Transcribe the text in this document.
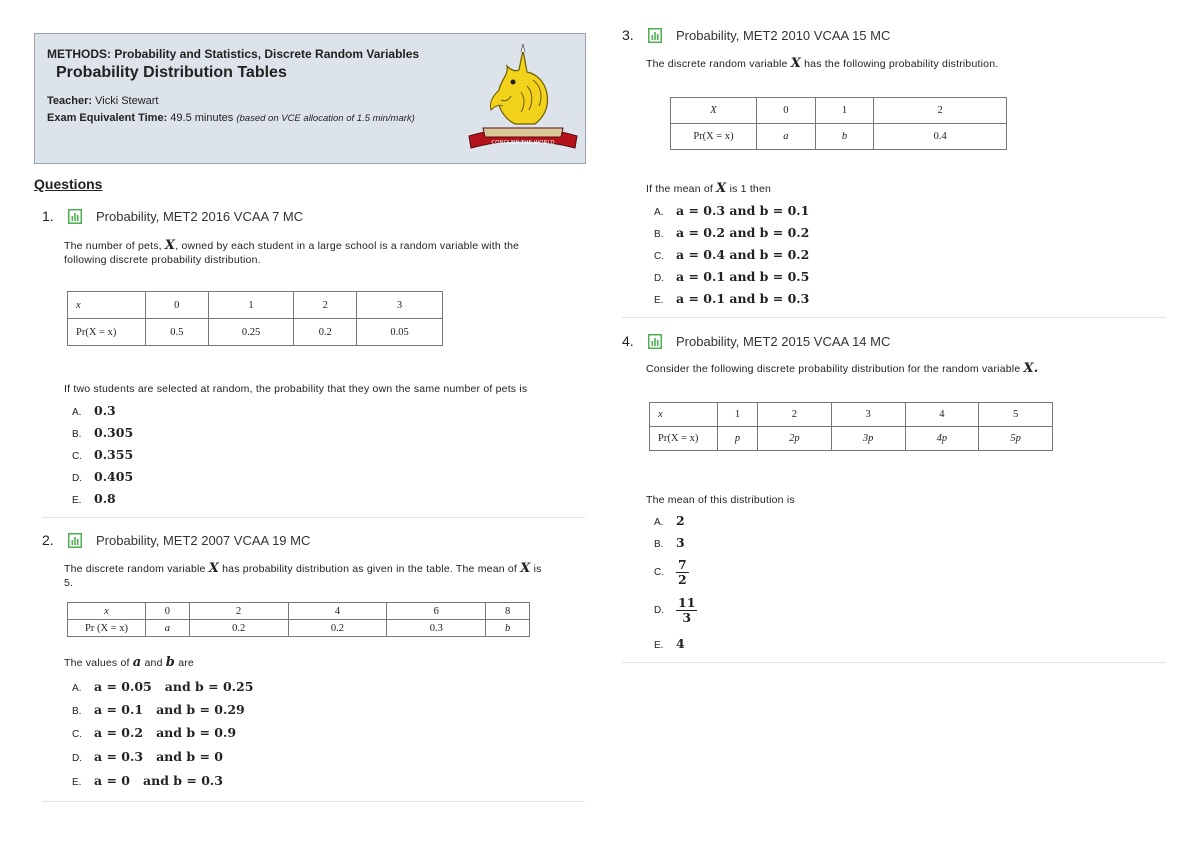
METHODS: Probability and Statistics, Discrete Random Variables
Probability Distribution Tables
Teacher: Vicki Stewart
Exam Equivalent Time: 49.5 minutes (based on VCE allocation of 1.5 min/mark)
CONQUER THE WORLD
Questions
1.	Probability, MET2 2016 VCAA 7 MC
The number of pets, X, owned by each student in a large school is a random variable with the
following discrete probability distribution.
x	0	1	2	3
Pr(X = x)	0.5	0.25	0.2	0.05
If two students are selected at random, the probability that they own the same number of pets is
A. 0.3
B. 0.305
C. 0.355
D. 0.405
E. 0.8
2.	Probability, MET2 2007 VCAA 19 MC
The discrete random variable X has probability distribution as given in the table. The mean of X is
5.
x	0	2	4	6	8
Pr (X = x)	a	0.2	0.2	0.3	b
The values of a and b are
A. a = 0.05   and b = 0.25
B. a = 0.1   and b = 0.29
C. a = 0.2   and b = 0.9
D. a = 0.3   and b = 0
E. a = 0   and b = 0.3
3.	Probability, MET2 2010 VCAA 15 MC
The discrete random variable X has the following probability distribution.
X	0	1	2
Pr(X = x)	a	b	0.4
If the mean of X is 1 then
A. a = 0.3 and b = 0.1
B. a = 0.2 and b = 0.2
C. a = 0.4 and b = 0.2
D. a = 0.1 and b = 0.5
E. a = 0.1 and b = 0.3
4.	Probability, MET2 2015 VCAA 14 MC
Consider the following discrete probability distribution for the random variable X.
x	1	2	3	4	5
Pr(X = x)	p	2p	3p	4p	5p
The mean of this distribution is
A. 2
B. 3
C. $\frac{7}{2}$
D. $\frac{11}{3}$
E. 4
